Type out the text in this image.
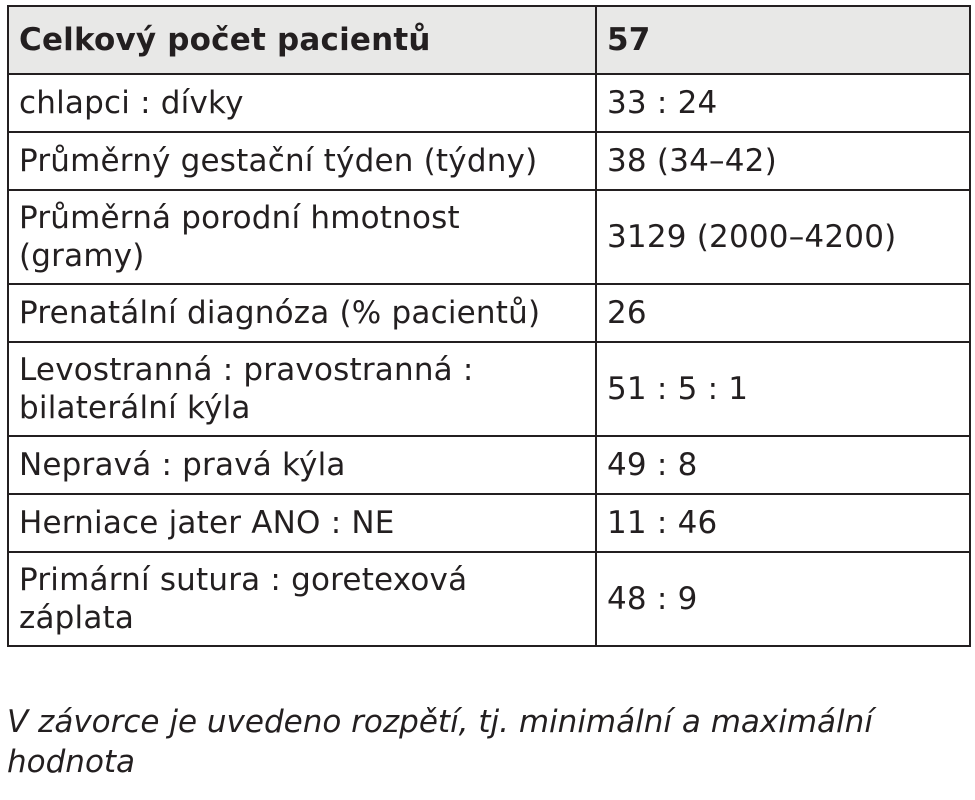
Celkový počet pacientů	57
chlapci : dívky	33 : 24
Průměrný gestační týden (týdny)	38 (34–42)
Průměrná porodní hmotnost (gramy)	3129 (2000–4200)
Prenatální diagnóza (% pacientů)	26
Levostranná : pravostranná : bilaterální kýla	51 : 5 : 1
Nepravá : pravá kýla	49 : 8
Herniace jater ANO : NE	11 : 46
Primární sutura : goretexová záplata	48 : 9
V závorce je uvedeno rozpětí, tj. minimální a maximální hodnota
